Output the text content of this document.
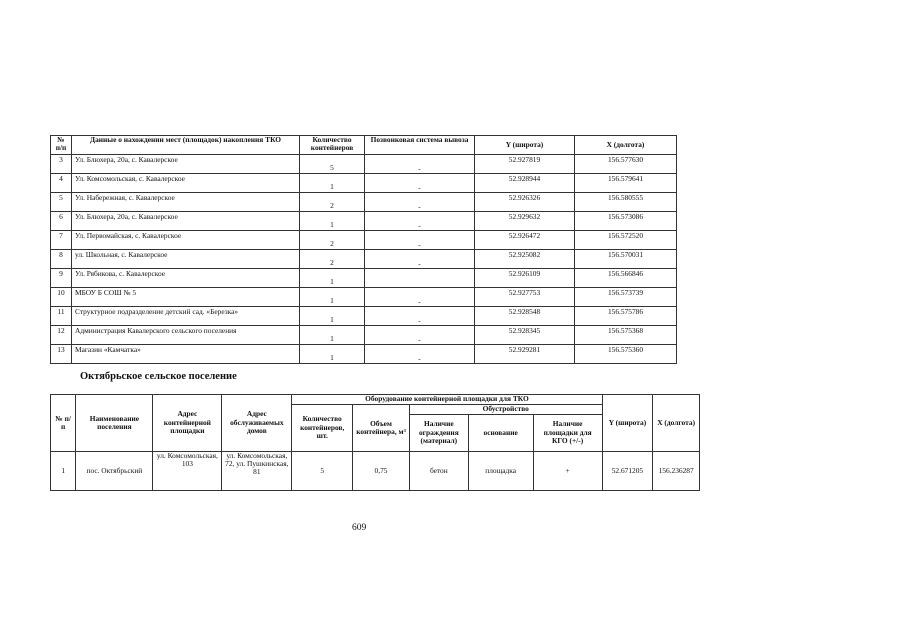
№ п/п	Данные о нахождении мест (площадок) накопления ТКО	Количество контейнеров	Позвонковая система вывоза	Y (широта)	X (долгота)
3	Ул. Блюхера, 20а, с. Кавалерское	5	-	52.927819	156.577630
4	Ул. Комсомольская, с. Кавалерское	1	-	52.928944	156.579641
5	Ул. Набережная, с. Кавалерское	2	-	52.926326	156.580555
6	Ул. Блюхера, 20а, с. Кавалерское	1	-	52.929632	156.573086
7	Ул. Первомайская, с. Кавалерское	2	-	52.926472	156.572520
8	ул. Школьная, с. Кавалерское	2	-	52.925082	156.570031
9	Ул. Рябикова, с. Кавалерское	1		52.926109	156.566846
10	МБОУ Б СОШ № 5	1	-	52.927753	156.573739
11	Структурное подразделение детский сад. «Березка»	1	-	52.928548	156.575786
12	Администрация Кавалерского сельского поселения	1	-	52.928345	156.575368
13	Магазин «Камчатка»	1	-	52.929281	156.575360
Октябрьское сельское поселение
№ п/п	Наименование поселения	Адрес контейнерной площадки	Адрес обслуживаемых домов	Оборудование контейнерной площадки для ТКО					Y (широта)	X (долгота)
				Количество контейнеров, шт.	Объем контейнера, м³	Обустройство				
						Наличие ограждения (материал)	основание	Наличие площадки для КГО (+/-)		
1	пос. Октябрьский	ул. Комсомольская, 103	ул. Комсомольская, 72, ул. Пушкинская, 81	5	0,75	бетон	площадка	+	52.671205	156.236287
609
